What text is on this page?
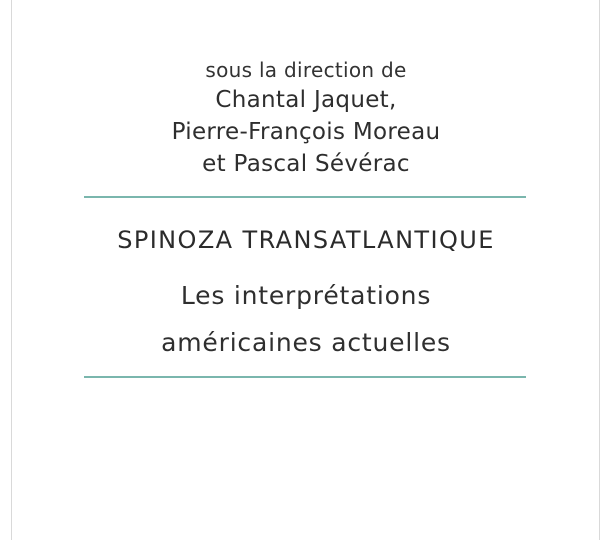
sous la direction de
Chantal Jaquet,
Pierre-François Moreau
et Pascal Sévérac
SPINOZA TRANSATLANTIQUE
Les interprétations
américaines actuelles
